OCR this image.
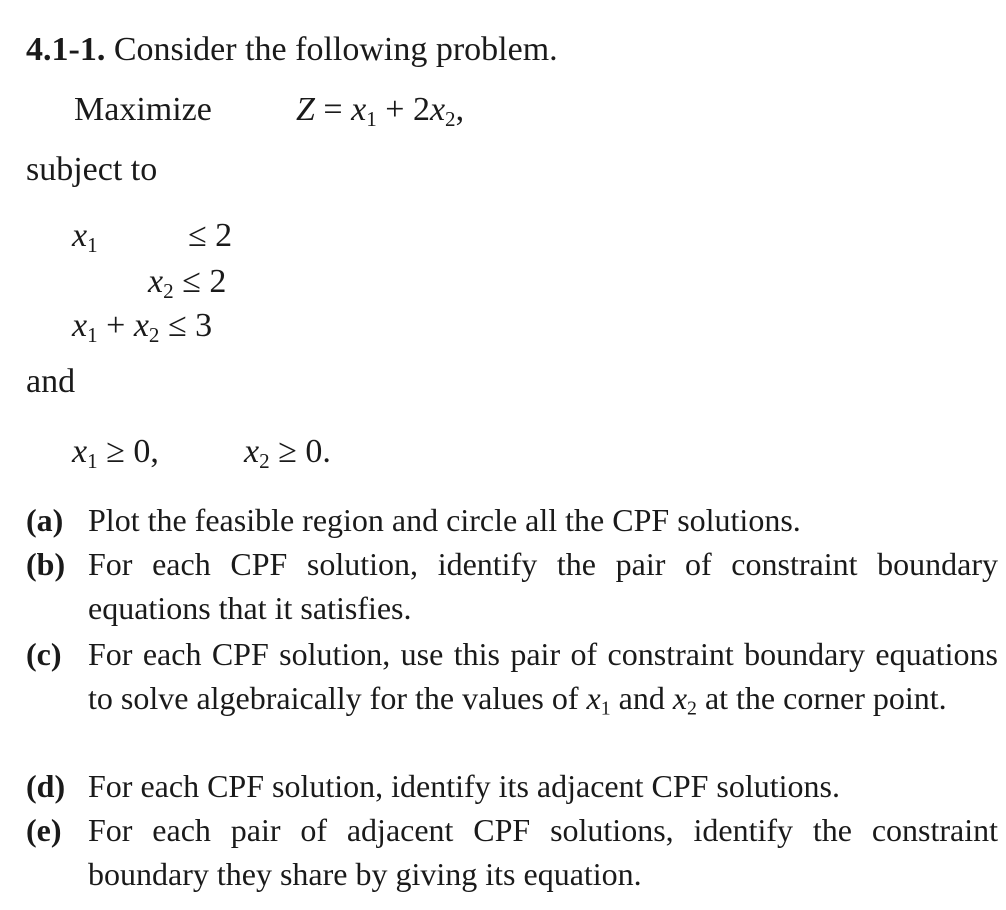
4.1-1. Consider the following problem.
Maximize $Z = x_1 + 2x_2$,
subject to
$x_1$	≤ 2
$x_2 \le 2$
$x_1 + x_2 \le 3$
and
$x_1 \ge 0$,	$x_2 \ge 0$.
(a) Plot the feasible region and circle all the CPF solutions.
(b) For each CPF solution, identify the pair of constraint boundary equations that it satisfies.
(c) For each CPF solution, use this pair of constraint boundary equations to solve algebraically for the values of $x_1$ and $x_2$ at the corner point.
(d) For each CPF solution, identify its adjacent CPF solutions.
(e) For each pair of adjacent CPF solutions, identify the constraint boundary they share by giving its equation.
